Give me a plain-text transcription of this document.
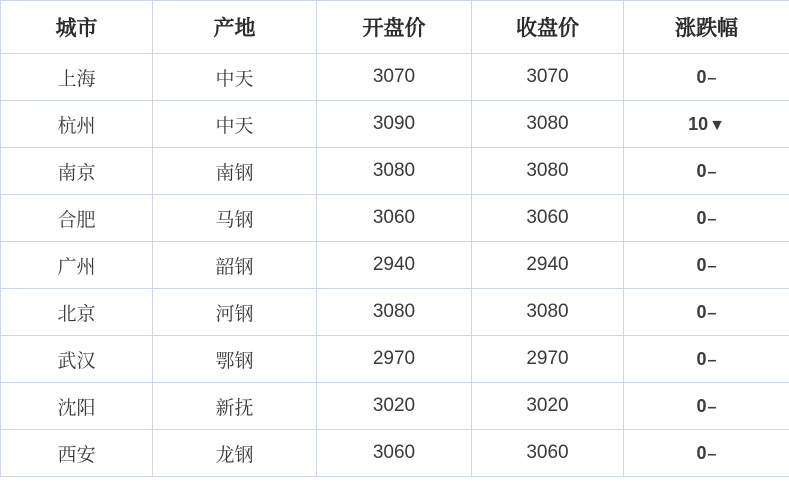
城市	产地	开盘价	收盘价	涨跌幅
上海	中天	3070	3070	0–
杭州	中天	3090	3080	10▼
南京	南钢	3080	3080	0–
合肥	马钢	3060	3060	0–
广州	韶钢	2940	2940	0–
北京	河钢	3080	3080	0–
武汉	鄂钢	2970	2970	0–
沈阳	新抚	3020	3020	0–
西安	龙钢	3060	3060	0–
